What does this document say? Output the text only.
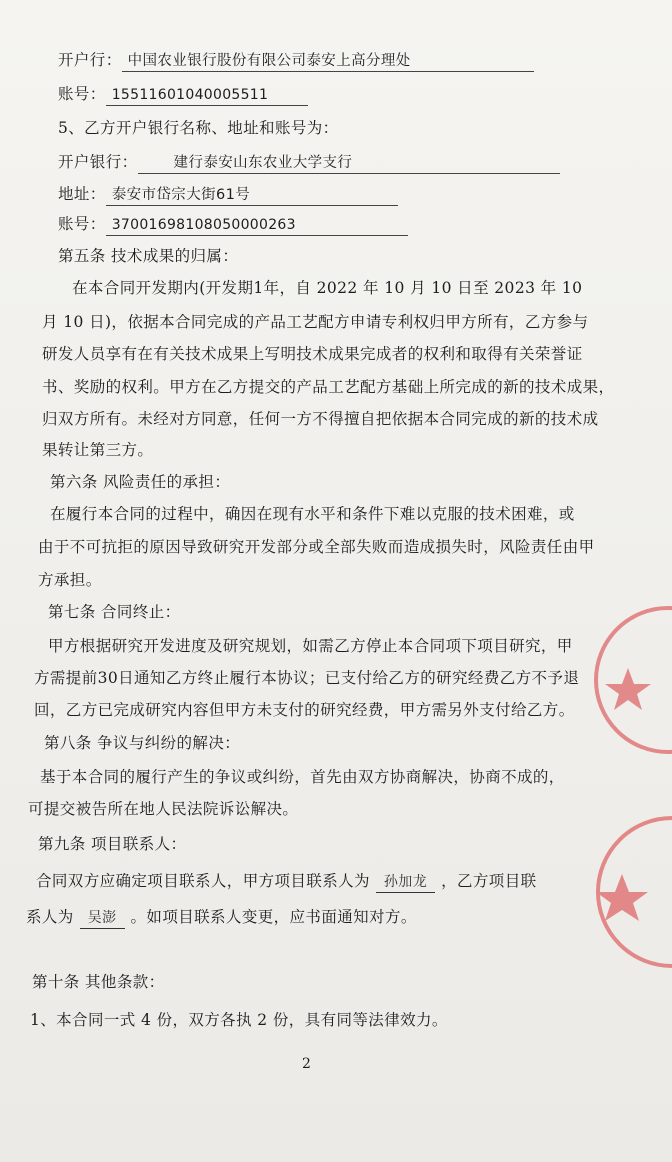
开户行： 中国农业银行股份有限公司泰安上高分理处
账号： 15511601040005511
5、乙方开户银行名称、地址和账号为：
开户银行： 建行泰安山东农业大学支行
地址： 泰安市岱宗大街61号
账号： 37001698108050000263
第五条 技术成果的归属：
在本合同开发期内(开发期1年，自 2022 年 10 月 10 日至 2023 年 10
月 10 日)，依据本合同完成的产品工艺配方申请专利权归甲方所有，乙方参与
研发人员享有在有关技术成果上写明技术成果完成者的权利和取得有关荣誉证
书、奖励的权利。甲方在乙方提交的产品工艺配方基础上所完成的新的技术成果，
归双方所有。未经对方同意，任何一方不得擅自把依据本合同完成的新的技术成
果转让第三方。
第六条 风险责任的承担：
在履行本合同的过程中，确因在现有水平和条件下难以克服的技术困难，或
由于不可抗拒的原因导致研究开发部分或全部失败而造成损失时，风险责任由甲
方承担。
第七条 合同终止：
甲方根据研究开发进度及研究规划，如需乙方停止本合同项下项目研究，甲
方需提前30日通知乙方终止履行本协议；已支付给乙方的研究经费乙方不予退
回，乙方已完成研究内容但甲方未支付的研究经费，甲方需另外支付给乙方。
第八条 争议与纠纷的解决：
基于本合同的履行产生的争议或纠纷，首先由双方协商解决，协商不成的，
可提交被告所在地人民法院诉讼解决。
第九条 项目联系人：
合同双方应确定项目联系人，甲方项目联系人为 孙加龙 ，乙方项目联
系人为 吴澎 。如项目联系人变更，应书面通知对方。
第十条 其他条款：
1、本合同一式 4 份，双方各执 2 份，具有同等法律效力。
2
